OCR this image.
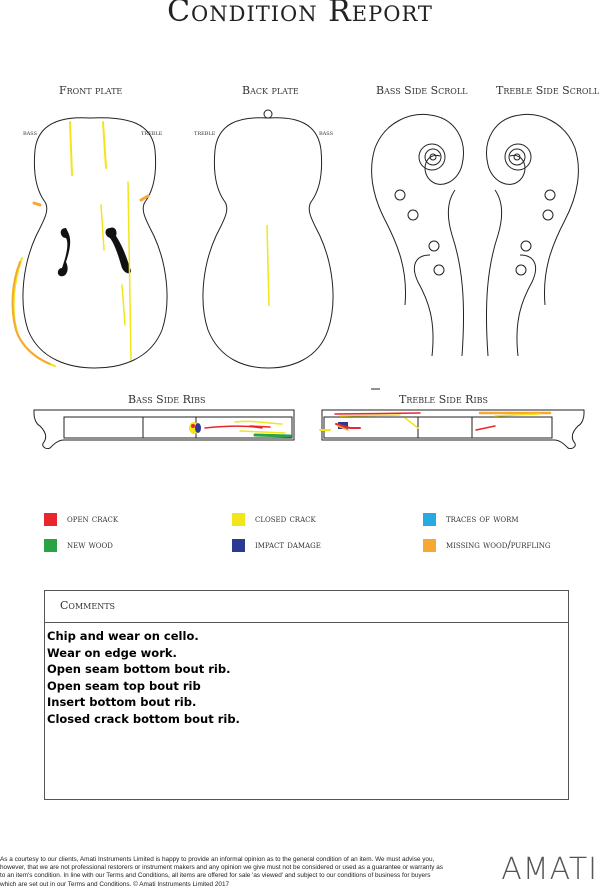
Condition Report
Front plate	Back plate	Bass Side Scroll	Treble Side Scroll
Bass Side Ribs	Treble Side Ribs
bass	treble	treble	bass
open crack	closed crack	traces of worm
new wood	impact damage	missing wood/purfling
Comments
Chip and wear on cello.
Wear on edge work.
Open seam bottom bout rib.
Open seam top bout rib
Insert bottom bout rib.
Closed crack bottom bout rib.
As a courtesy to our clients, Amati Instruments Limited is happy to provide an informal opinion as to the general condition of an item. We must advise you, however, that we are not professional restorers or instrument makers and any opinion we give must not be considered or used as a guarantee or warranty as to an item's condition. In line with our Terms and Conditions, all items are offered for sale 'as viewed' and subject to our conditions of business for buyers which are set out in our Terms and Conditions. © Amati Instruments Limited 2017	AMATI
